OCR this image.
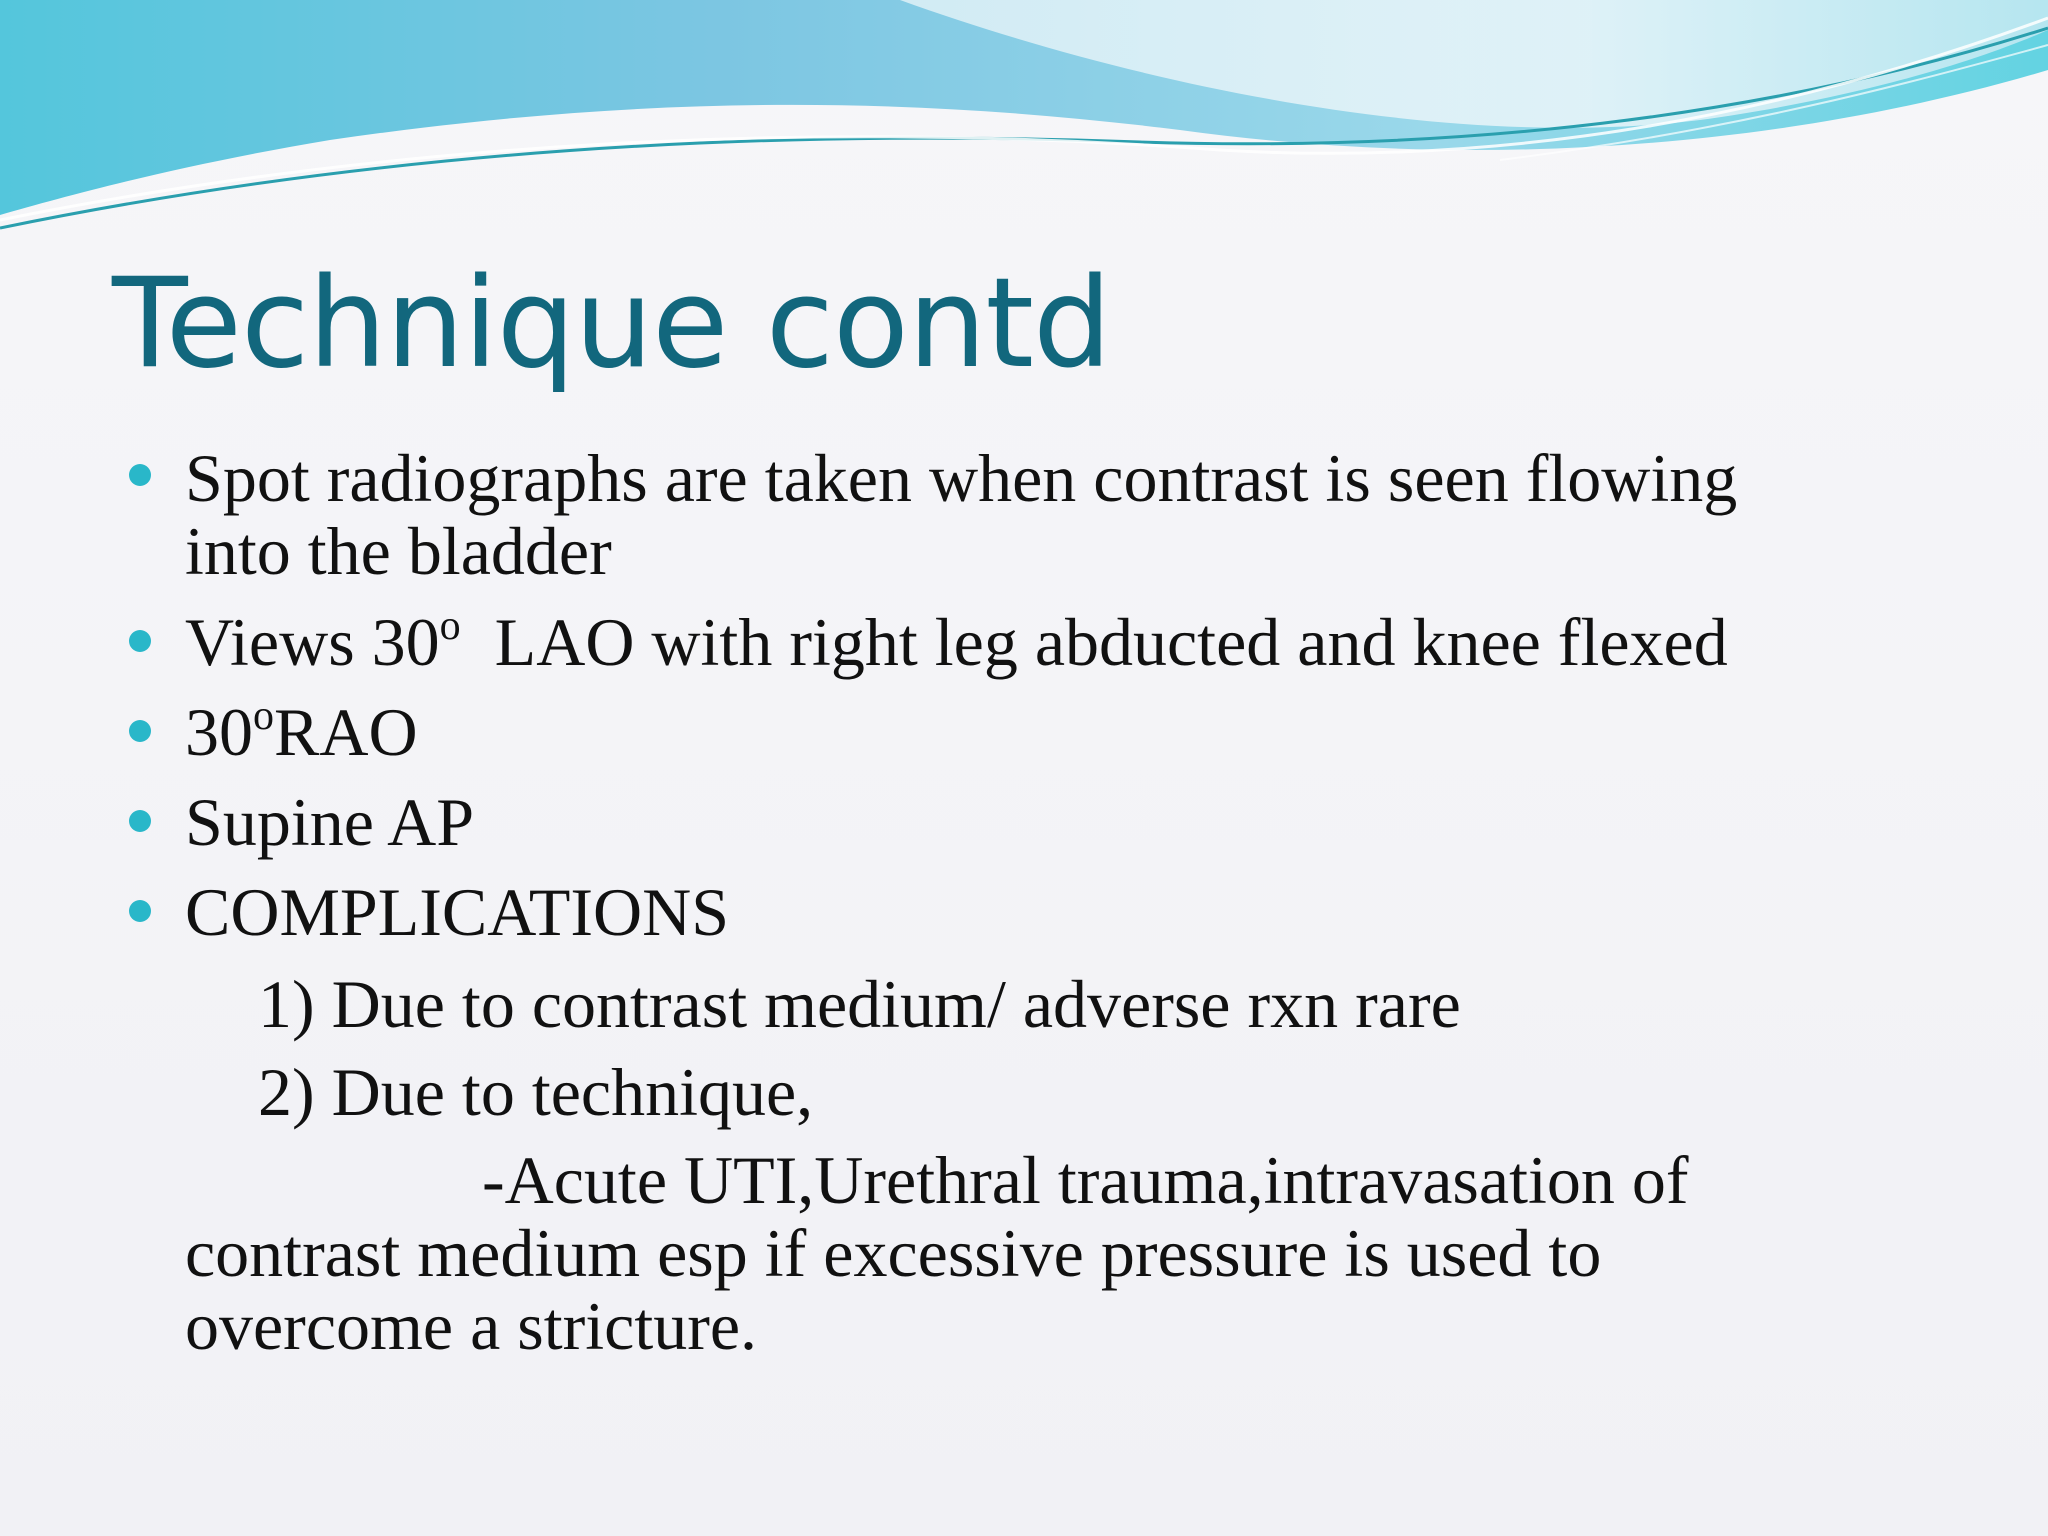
Technique contd
Spot radiographs are taken when contrast is seen flowing
into the bladder
Views 30$^o$  LAO with right leg abducted and knee flexed
30$^o$RAO
Supine AP
COMPLICATIONS
1) Due to contrast medium/ adverse rxn rare
2) Due to technique,
-Acute UTI,Urethral trauma,intravasation of
contrast medium esp if excessive pressure is used to
overcome a stricture.
